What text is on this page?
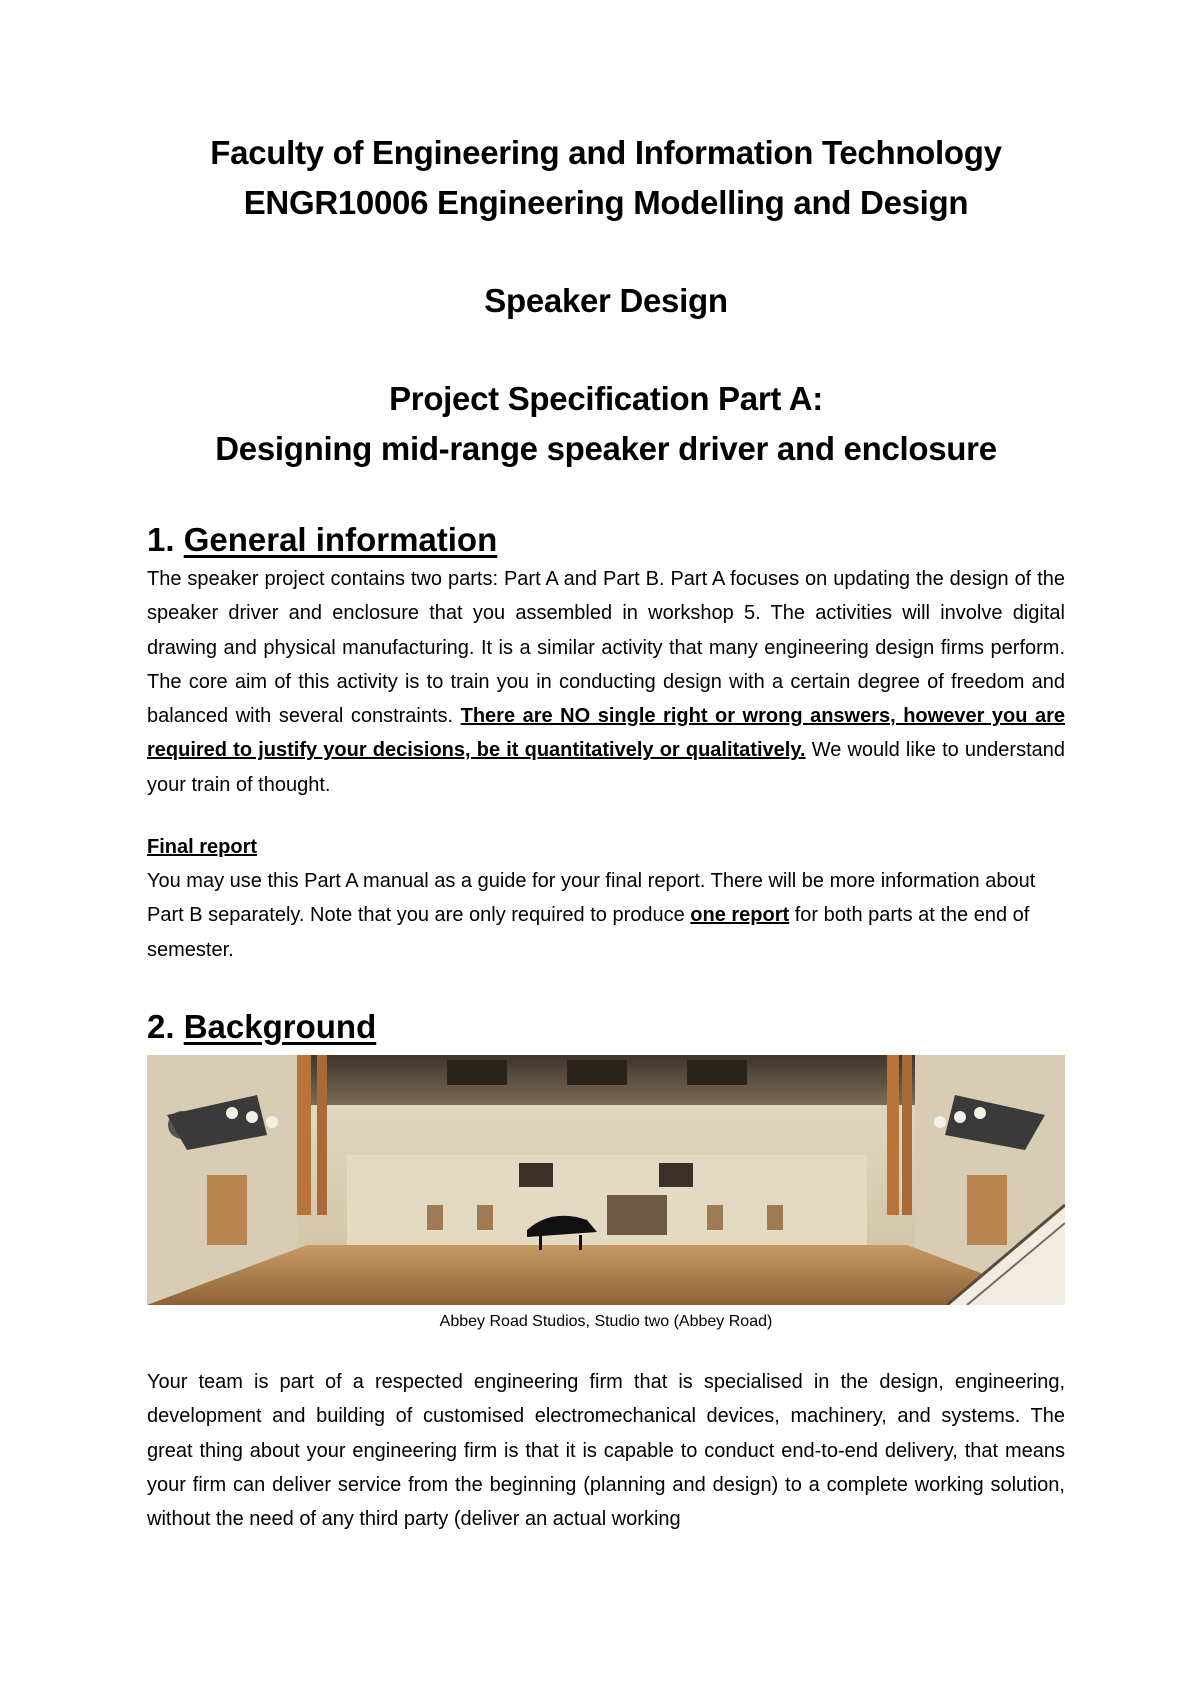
Faculty of Engineering and Information Technology
ENGR10006 Engineering Modelling and Design
Speaker Design
Project Specification Part A:
Designing mid-range speaker driver and enclosure
1. General information

The speaker project contains two parts: Part A and Part B. Part A focuses on updating the design of the speaker driver and enclosure that you assembled in workshop 5. The activities will involve digital drawing and physical manufacturing. It is a similar activity that many engineering design firms perform. The core aim of this activity is to train you in conducting design with a certain degree of freedom and balanced with several constraints. There are NO single right or wrong answers, however you are required to justify your decisions, be it quantitatively or qualitatively. We would like to understand your train of thought.

Final report

You may use this Part A manual as a guide for your final report. There will be more information about Part B separately. Note that you are only required to produce one report for both parts at the end of semester.

2. Background
Abbey Road Studios, Studio two (Abbey Road)

Your team is part of a respected engineering firm that is specialised in the design, engineering, development and building of customised electromechanical devices, machinery, and systems. The great thing about your engineering firm is that it is capable to conduct end-to-end delivery, that means your firm can deliver service from the beginning (planning and design) to a complete working solution, without the need of any third party (deliver an actual working
